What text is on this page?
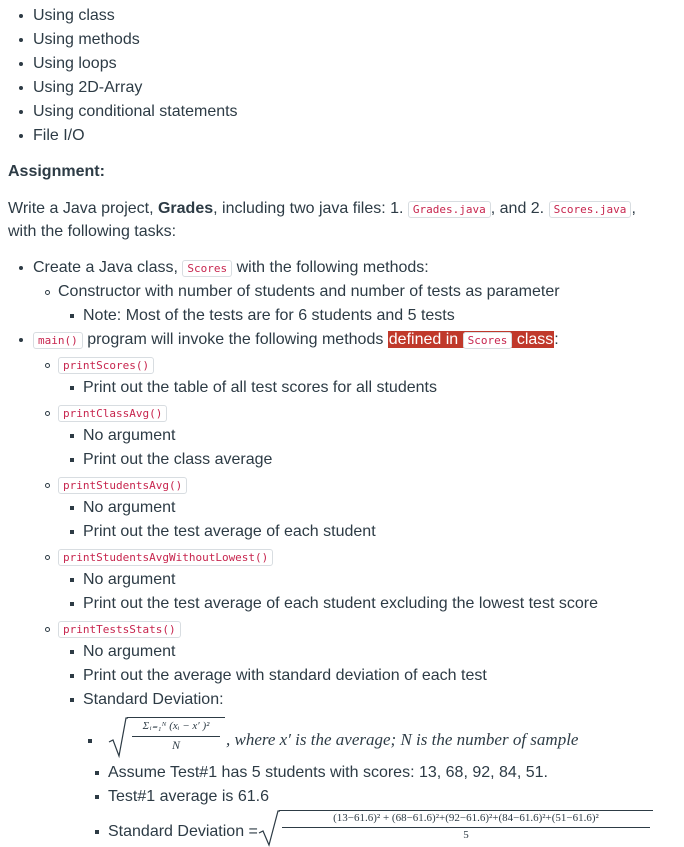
Using class
Using methods
Using loops
Using 2D-Array
Using conditional statements
File I/O
Assignment:
Write a Java project, Grades, including two java files: 1. Grades.java , and 2. Scores.java ,
with the following tasks:
Create a Java class, Scores with the following methods:
Constructor with number of students and number of tests as parameter
Note: Most of the tests are for 6 students and 5 tests
main() program will invoke the following methods defined in Scores class:
printScores()
Print out the table of all test scores for all students
printClassAvg()
No argument
Print out the class average
printStudentsAvg()
No argument
Print out the test average of each student
printStudentsAvgWithoutLowest()
No argument
Print out the test average of each student excluding the lowest test score
printTestsStats()
No argument
Print out the average with standard deviation of each test
Standard Deviation:
Σ ᵢ₌₁ᴺ (xᵢ − x′ )²
N	, where x′ is the average; N is the number of sample
Assume Test#1 has 5 students with scores: 13, 68, 92, 84, 51.
Test#1 average is 61.6
Standard Deviation =
(13−61.6)² + (68−61.6)²+(92−61.6)²+(84−61.6)²+(51−61.6)²
5
